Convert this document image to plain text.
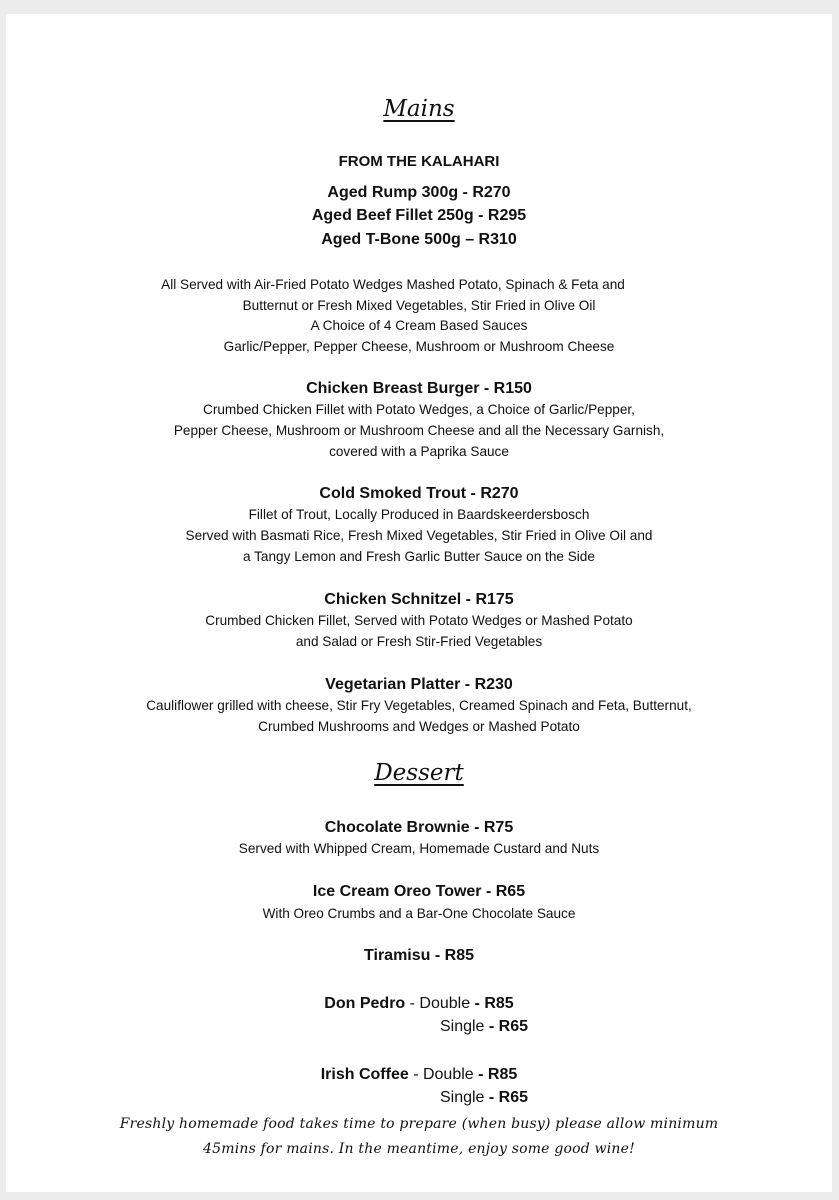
Mains
FROM THE KALAHARI
Aged Rump 300g - R270
Aged Beef Fillet 250g - R295
Aged T-Bone 500g – R310
All Served with Air-Fried Potato Wedges Mashed Potato, Spinach & Feta and
Butternut or Fresh Mixed Vegetables, Stir Fried in Olive Oil
A Choice of 4 Cream Based Sauces
Garlic/Pepper, Pepper Cheese, Mushroom or Mushroom Cheese
Chicken Breast Burger - R150
Crumbed Chicken Fillet with Potato Wedges, a Choice of Garlic/Pepper,
Pepper Cheese, Mushroom or Mushroom Cheese and all the Necessary Garnish,
covered with a Paprika Sauce
Cold Smoked Trout - R270
Fillet of Trout, Locally Produced in Baardskeerdersbosch
Served with Basmati Rice, Fresh Mixed Vegetables, Stir Fried in Olive Oil and
a Tangy Lemon and Fresh Garlic Butter Sauce on the Side
Chicken Schnitzel - R175
Crumbed Chicken Fillet, Served with Potato Wedges or Mashed Potato
and Salad or Fresh Stir-Fried Vegetables
Vegetarian Platter - R230
Cauliflower grilled with cheese, Stir Fry Vegetables, Creamed Spinach and Feta, Butternut,
Crumbed Mushrooms and Wedges or Mashed Potato
Dessert
Chocolate Brownie - R75
Served with Whipped Cream, Homemade Custard and Nuts
Ice Cream Oreo Tower - R65
With Oreo Crumbs and a Bar-One Chocolate Sauce
Tiramisu - R85
Don Pedro - Double - R85
Single - R65
Irish Coffee - Double - R85
Single - R65
Freshly homemade food takes time to prepare (when busy) please allow minimum
45mins for mains. In the meantime, enjoy some good wine!
